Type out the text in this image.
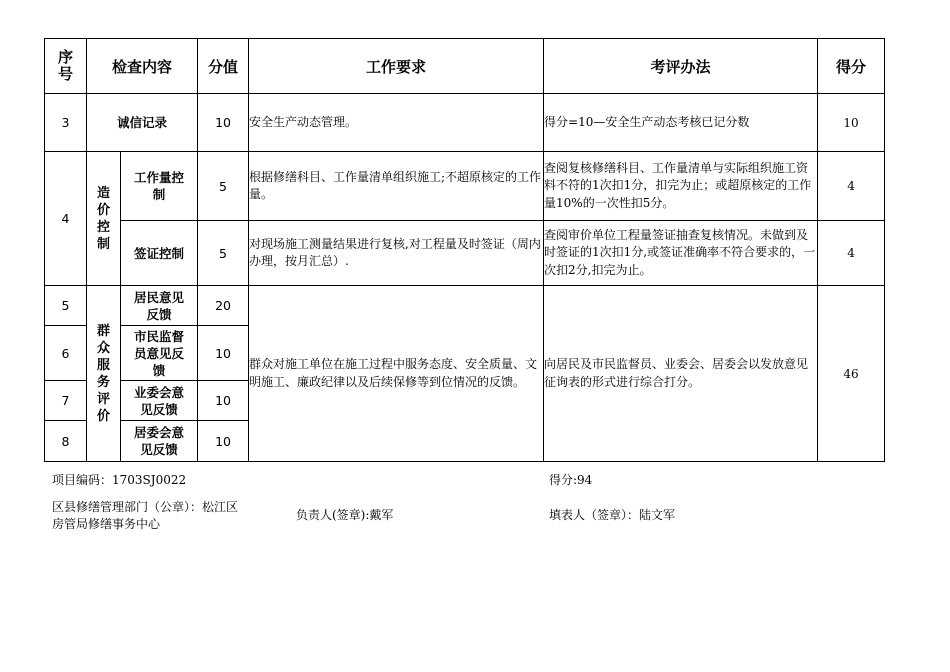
序号	检查内容		分值	工作要求	考评办法	得分
3	诚信记录		10	安全生产动态管理。	得分=10—安全生产动态考核已记分数	10
4	造价控制	工作量控制	5	根据修缮科目、工作量清单组织施工;不超原核定的工作量。	查阅复核修缮科目、工作量清单与实际组织施工资料不符的1次扣1分，扣完为止；或超原核定的工作量10%的一次性扣5分。	4
		签证控制	5	对现场施工测量结果进行复核,对工程量及时签证（周内办理，按月汇总）.	查阅审价单位工程量签证抽查复核情况。未做到及时签证的1次扣1分,或签证准确率不符合要求的，一次扣2分,扣完为止。	4
5	群众服务评价	居民意见反馈	20	群众对施工单位在施工过程中服务态度、安全质量、文明施工、廉政纪律以及后续保修等到位情况的反馈。	向居民及市民监督员、业委会、居委会以发放意见征询表的形式进行综合打分。	46
6		市民监督员意见反馈	10			
7		业委会意见反馈	10			
8		居委会意见反馈	10			
项目编码：1703SJ0022	得分:94
区县修缮管理部门（公章）：松江区房管局修缮事务中心
负责人(签章):戴军	填表人（签章）：陆文军
